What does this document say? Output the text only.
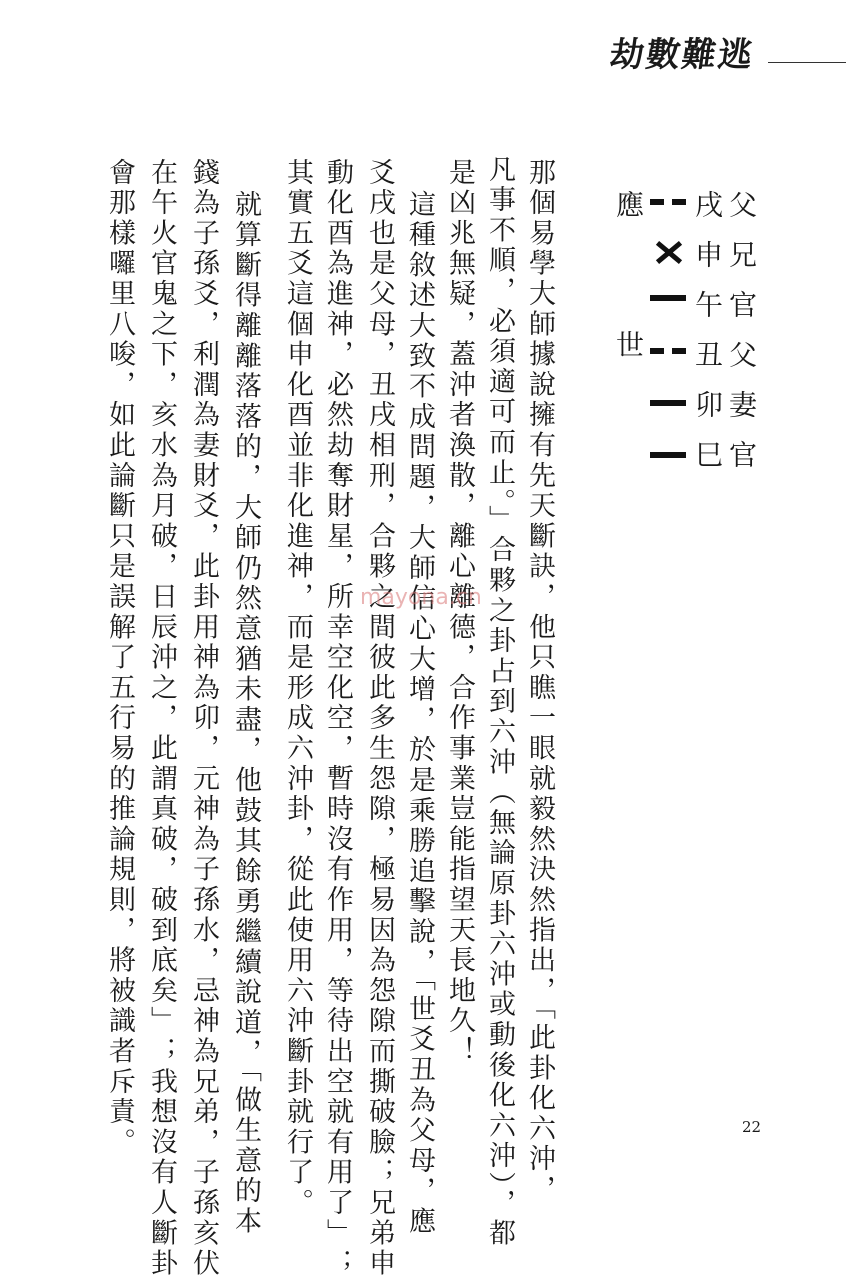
劫數難逃
父兄官父妻官
戌申午丑卯巳
應
世
那個易學大師據說擁有先天斷訣，他只瞧一眼就毅然決然指出，「此卦化六沖，
凡事不順，必須適可而止。」合夥之卦占到六沖（無論原卦六沖或動後化六沖），都
是凶兆無疑，蓋沖者渙散，離心離德，合作事業豈能指望天長地久！
這種敘述大致不成問題，大師信心大增，於是乘勝追擊說，「世爻丑為父母，應
爻戌也是父母，丑戌相刑，合夥之間彼此多生怨隙，極易因為怨隙而撕破臉；兄弟申
動化酉為進神，必然劫奪財星，所幸空化空，暫時沒有作用，等待出空就有用了」；
其實五爻這個申化酉並非化進神，而是形成六沖卦，從此使用六沖斷卦就行了。
就算斷得離離落落的，大師仍然意猶未盡，他鼓其餘勇繼續說道，「做生意的本
錢為子孫爻，利潤為妻財爻，此卦用神為卯，元神為子孫水，忌神為兄弟，子孫亥伏
在午火官鬼之下，亥水為月破，日辰沖之，此謂真破，破到底矣」；我想沒有人斷卦
會那樣囉里八唆，如此論斷只是誤解了五行易的推論規則，將被識者斥責。	mayona.cn
22
